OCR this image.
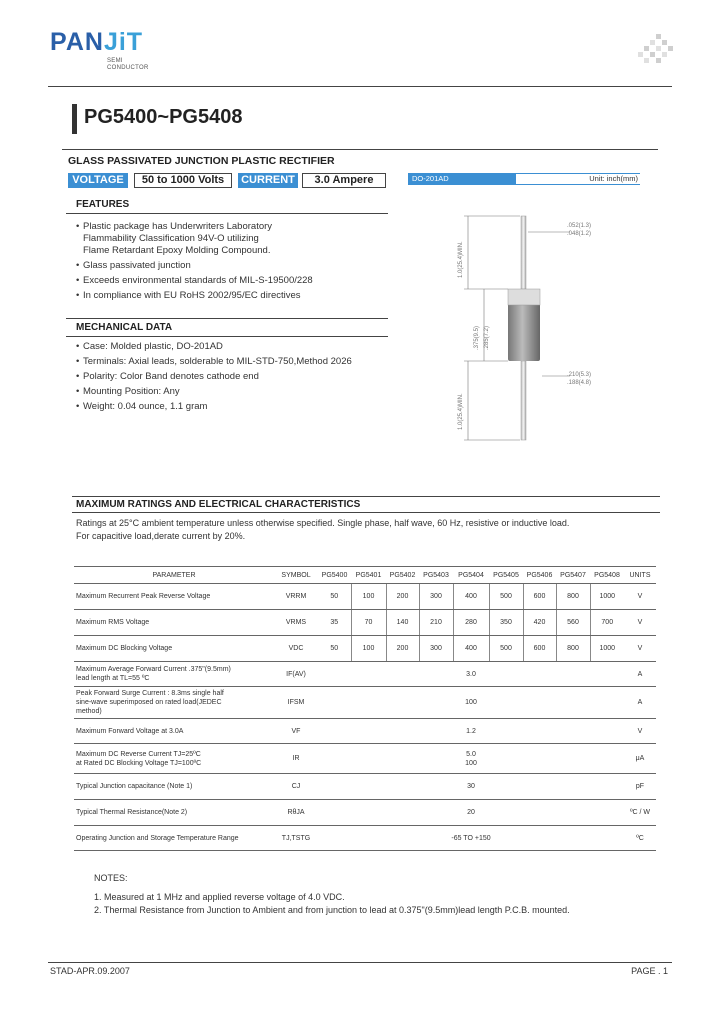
PANJiT
SEMI
CONDUCTOR
PG5400~PG5408
GLASS PASSIVATED JUNCTION PLASTIC RECTIFIER
VOLTAGE	50 to 1000 Volts	CURRENT	3.0 Ampere	DO-201AD	Unit: inch(mm)
FEATURES
• Plastic package has Underwriters Laboratory
Flammability Classification 94V-O utilizing
Flame Retardant Epoxy Molding Compound.
• Glass passivated junction
• Exceeds environmental standards of MIL-S-19500/228
• In compliance with EU RoHS 2002/95/EC directives
MECHANICAL DATA
• Case: Molded plastic, DO-201AD
• Terminals: Axial leads, solderable to MIL-STD-750,Method 2026
• Polarity: Color Band denotes cathode end
• Mounting Position: Any
• Weight: 0.04 ounce, 1.1 gram
1.0(25.4)MIN.
.375(9.5) .285(7.2)
1.0(25.4)MIN.
.052(1.3)
.048(1.2)
.210(5.3)
.188(4.8)
MAXIMUM RATINGS AND ELECTRICAL CHARACTERISTICS
Ratings at 25°C ambient temperature unless otherwise specified. Single phase, half wave, 60 Hz, resistive or inductive load.
For capacitive load,derate current by 20%.
PARAMETER	SYMBOL	PG5400	PG5401	PG5402	PG5403	PG5404	PG5405	PG5406	PG5407	PG5408	UNITS
Maximum Recurrent Peak Reverse Voltage	VRRM	50	100	200	300	400	500	600	800	1000	V
Maximum RMS Voltage	VRMS	35	70	140	210	280	350	420	560	700	V
Maximum DC Blocking Voltage	VDC	50	100	200	300	400	500	600	800	1000	V
Maximum Average Forward Current .375"(9.5mm)
lead length at TL=55 ºC	IF(AV)	3.0									A
Peak Forward Surge Current : 8.3ms single half
sine-wave superimposed on rated load(JEDEC
method)	IFSM	100									A
Maximum Forward Voltage at 3.0A	VF	1.2									V
Maximum DC Reverse Current TJ=25ºC
at Rated DC Blocking Voltage TJ=100ºC	IR	5.0
100									μA
Typical Junction capacitance (Note 1)	CJ	30									pF
Typical Thermal Resistance(Note 2)	RθJA	20									ºC / W
Operating Junction and Storage Temperature Range	TJ,TSTG	-65 TO +150									ºC
NOTES:
1. Measured at 1 MHz and applied reverse voltage of 4.0 VDC.
2. Thermal Resistance from Junction to Ambient and from junction to lead at 0.375"(9.5mm)lead length P.C.B. mounted.
STAD-APR.09.2007	PAGE . 1
